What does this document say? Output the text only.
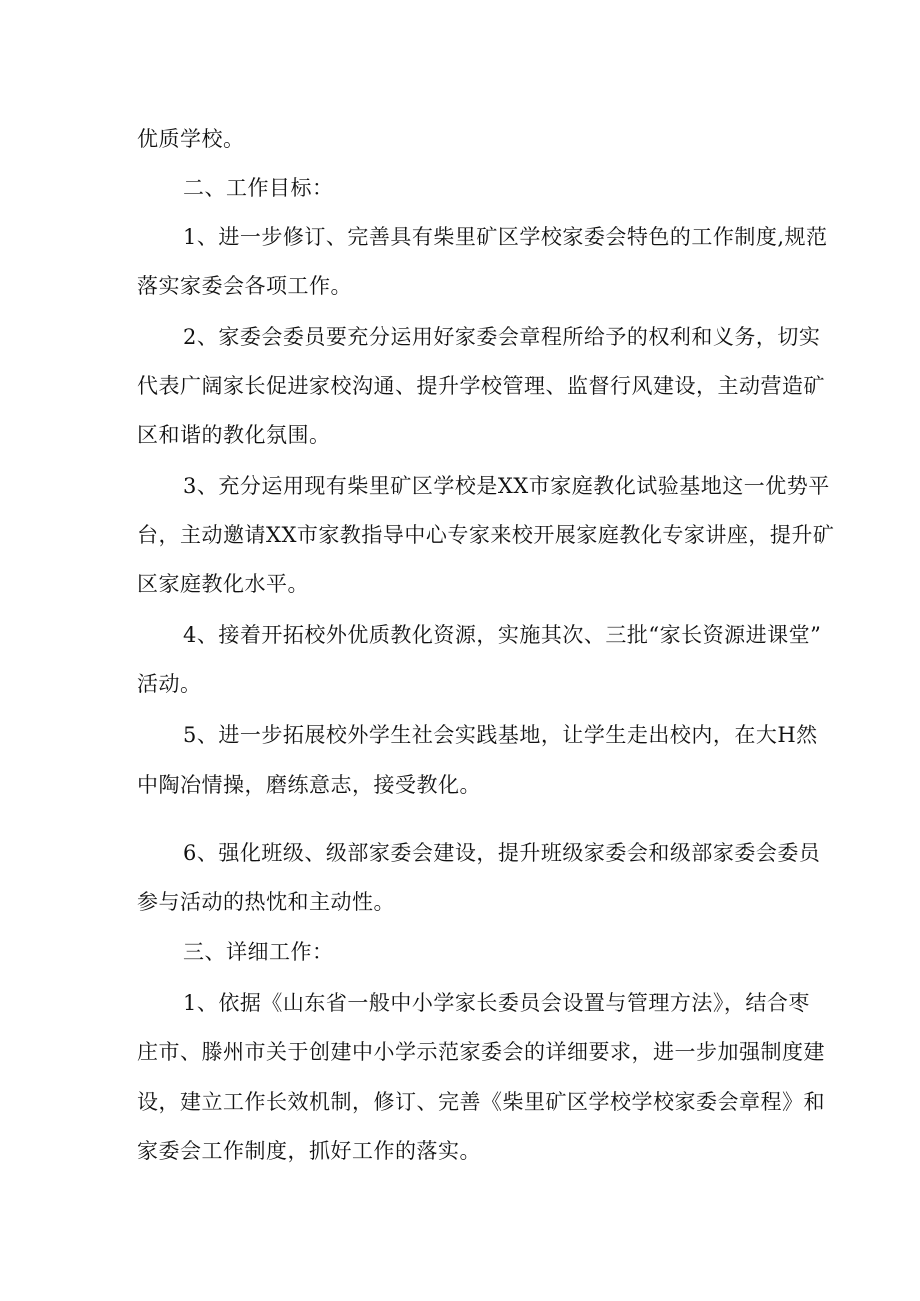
优质学校。
二、工作目标：
1、进一步修订、完善具有柴里矿区学校家委会特色的工作制度,规范
落实家委会各项工作。
2、家委会委员要充分运用好家委会章程所给予的权利和义务，切实
代表广阔家长促进家校沟通、提升学校管理、监督行风建设，主动营造矿
区和谐的教化氛围。
3、充分运用现有柴里矿区学校是XX市家庭教化试验基地这一优势平
台，主动邀请XX市家教指导中心专家来校开展家庭教化专家讲座，提升矿
区家庭教化水平。
4、接着开拓校外优质教化资源，实施其次、三批“家长资源进课堂”
活动。
5、进一步拓展校外学生社会实践基地，让学生走出校内，在大H然
中陶冶情操，磨练意志，接受教化。
6、强化班级、级部家委会建设，提升班级家委会和级部家委会委员
参与活动的热忱和主动性。
三、详细工作：
1、依据《山东省一般中小学家长委员会设置与管理方法》，结合枣
庄市、滕州市关于创建中小学示范家委会的详细要求，进一步加强制度建
设，建立工作长效机制，修订、完善《柴里矿区学校学校家委会章程》和
家委会工作制度，抓好工作的落实。
